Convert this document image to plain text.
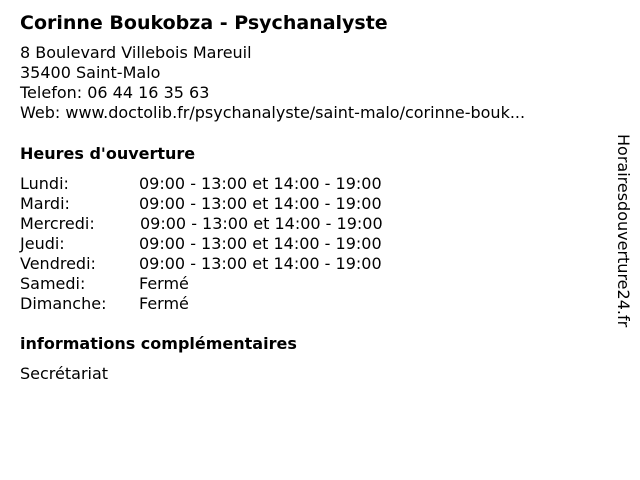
Corinne Boukobza - Psychanalyste
8 Boulevard Villebois Mareuil
35400 Saint-Malo
Telefon: 06 44 16 35 63
Web: www.doctolib.fr/psychanalyste/saint-malo/corinne-bouk...
Heures d'ouverture
Lundi:	09:00 - 13:00 et 14:00 - 19:00
Mardi:	09:00 - 13:00 et 14:00 - 19:00
Mercredi:	09:00 - 13:00 et 14:00 - 19:00
Jeudi:	09:00 - 13:00 et 14:00 - 19:00
Vendredi:	09:00 - 13:00 et 14:00 - 19:00
Samedi:	Fermé
Dimanche: Fermé
informations complémentaires
Secrétariat
Horairesdouverture24.fr
